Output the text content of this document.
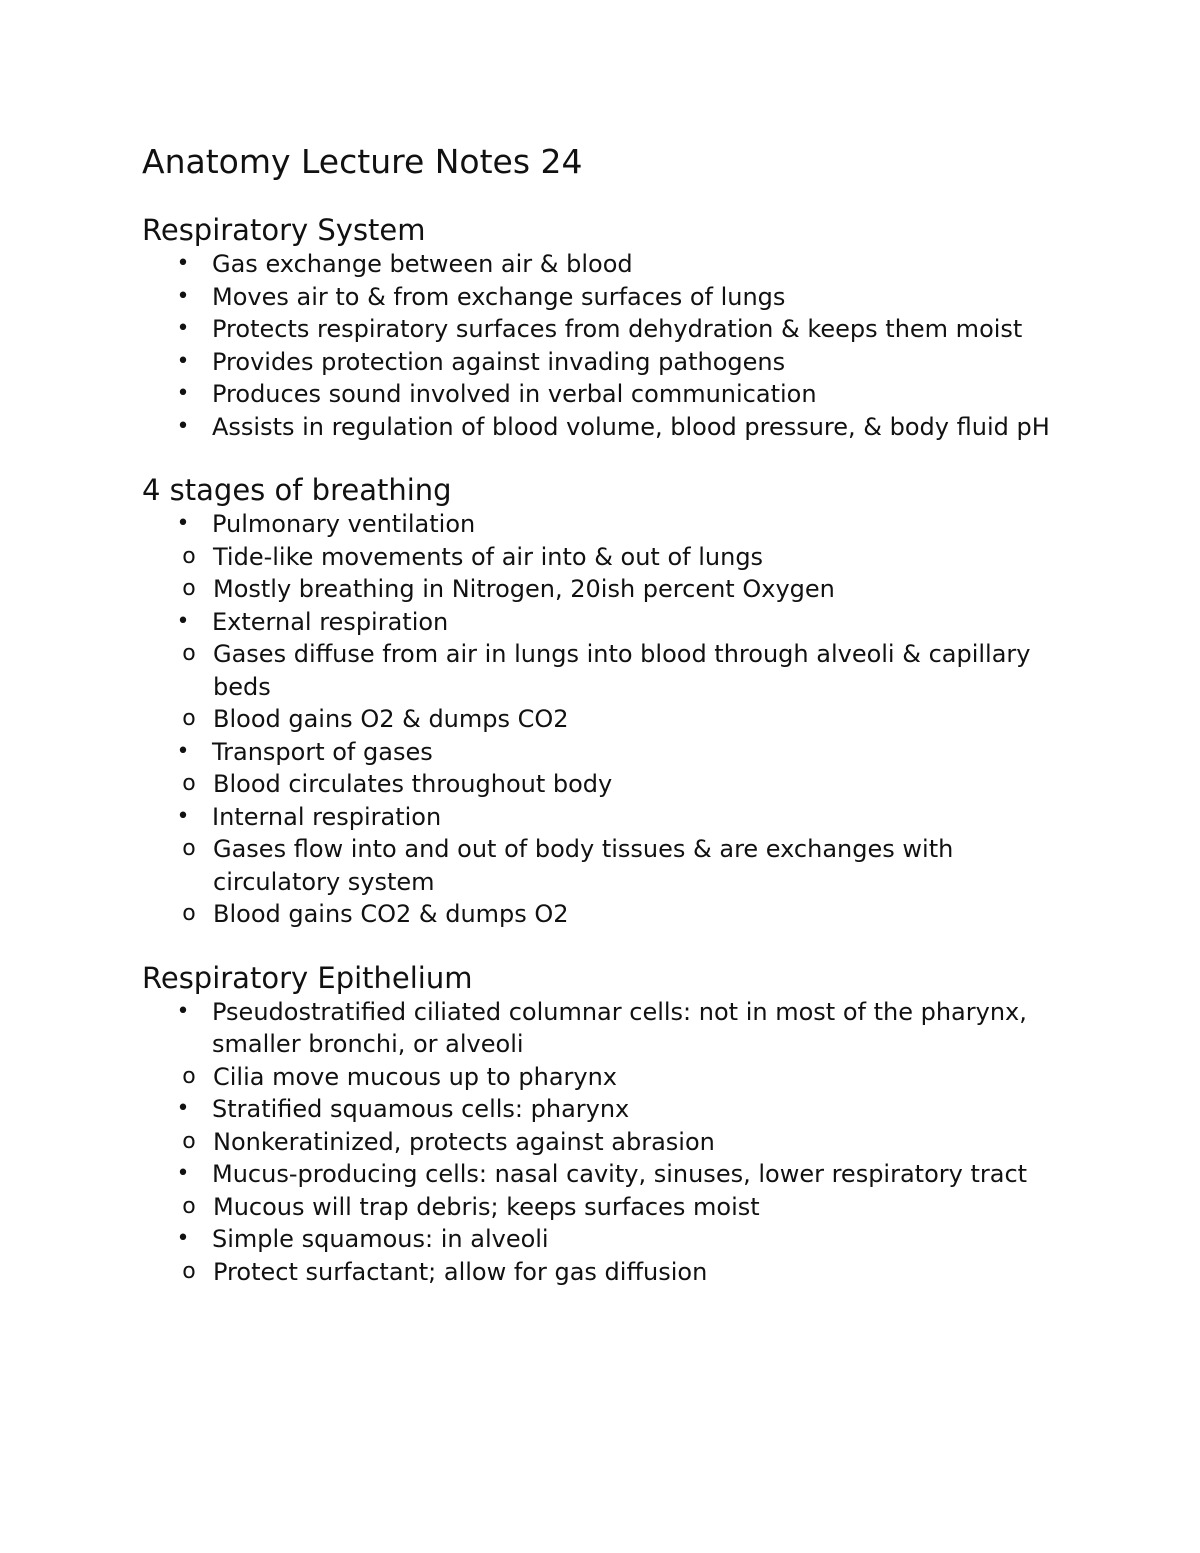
Anatomy Lecture Notes 24
Respiratory System
• Gas exchange between air & blood
• Moves air to & from exchange surfaces of lungs
• Protects respiratory surfaces from dehydration & keeps them moist
• Provides protection against invading pathogens
• Produces sound involved in verbal communication
• Assists in regulation of blood volume, blood pressure, & body fluid pH
4 stages of breathing
• Pulmonary ventilation
o Tide-like movements of air into & out of lungs
o Mostly breathing in Nitrogen, 20ish percent Oxygen
• External respiration
o Gases diffuse from air in lungs into blood through alveoli & capillary beds
o Blood gains O2 & dumps CO2
• Transport of gases
o Blood circulates throughout body
• Internal respiration
o Gases flow into and out of body tissues & are exchanges with circulatory system
o Blood gains CO2 & dumps O2
Respiratory Epithelium
• Pseudostratified ciliated columnar cells: not in most of the pharynx, smaller bronchi, or alveoli
o Cilia move mucous up to pharynx
• Stratified squamous cells: pharynx
o Nonkeratinized, protects against abrasion
• Mucus-producing cells: nasal cavity, sinuses, lower respiratory tract
o Mucous will trap debris; keeps surfaces moist
• Simple squamous: in alveoli
o Protect surfactant; allow for gas diffusion
